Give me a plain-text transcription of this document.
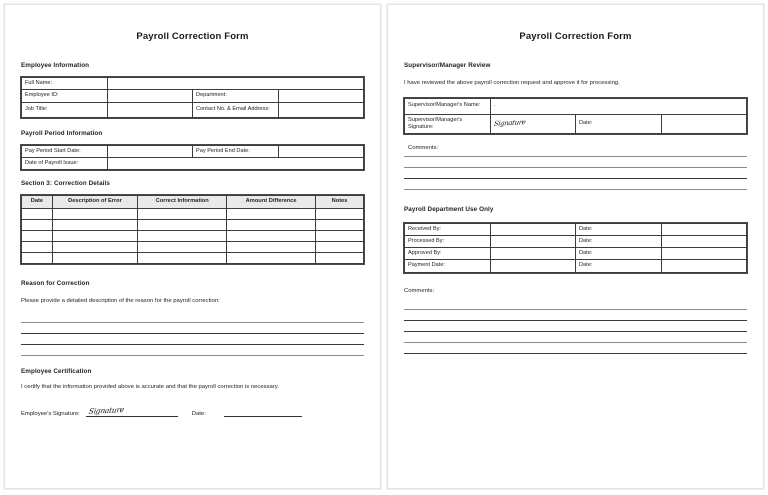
Payroll Correction Form
Employee Information
Full Name:			
Employee ID:		Department:	
Job Title:		Contact No. & Email Address:	
Payroll Period Information
Pay Period Start Date:		Pay Period End Date:	
Date of Payroll Issue:			
Section 3: Correction Details
Date	Description of Error	Correct Information	Amount Difference	Notes

Reason for Correction
Please provide a detailed description of the reason for the payroll correction:
Employee Certification
I certify that the information provided above is accurate and that the payroll correction is necessary.
Employee's Signature: Signature	Date:
Payroll Correction Form
Supervisor/Manager Review
I have reviewed the above payroll correction request and approve it for processing.
Supervisor/Manager's Name:	.		
Supervisor/Manager's Signature:	Signature	Date:	
Comments:
Payroll Department Use Only
Received By:		Date:	
Processed By:		Date:	
Approved By:		Date:	
Payment Date:		Date:	
Comments:
